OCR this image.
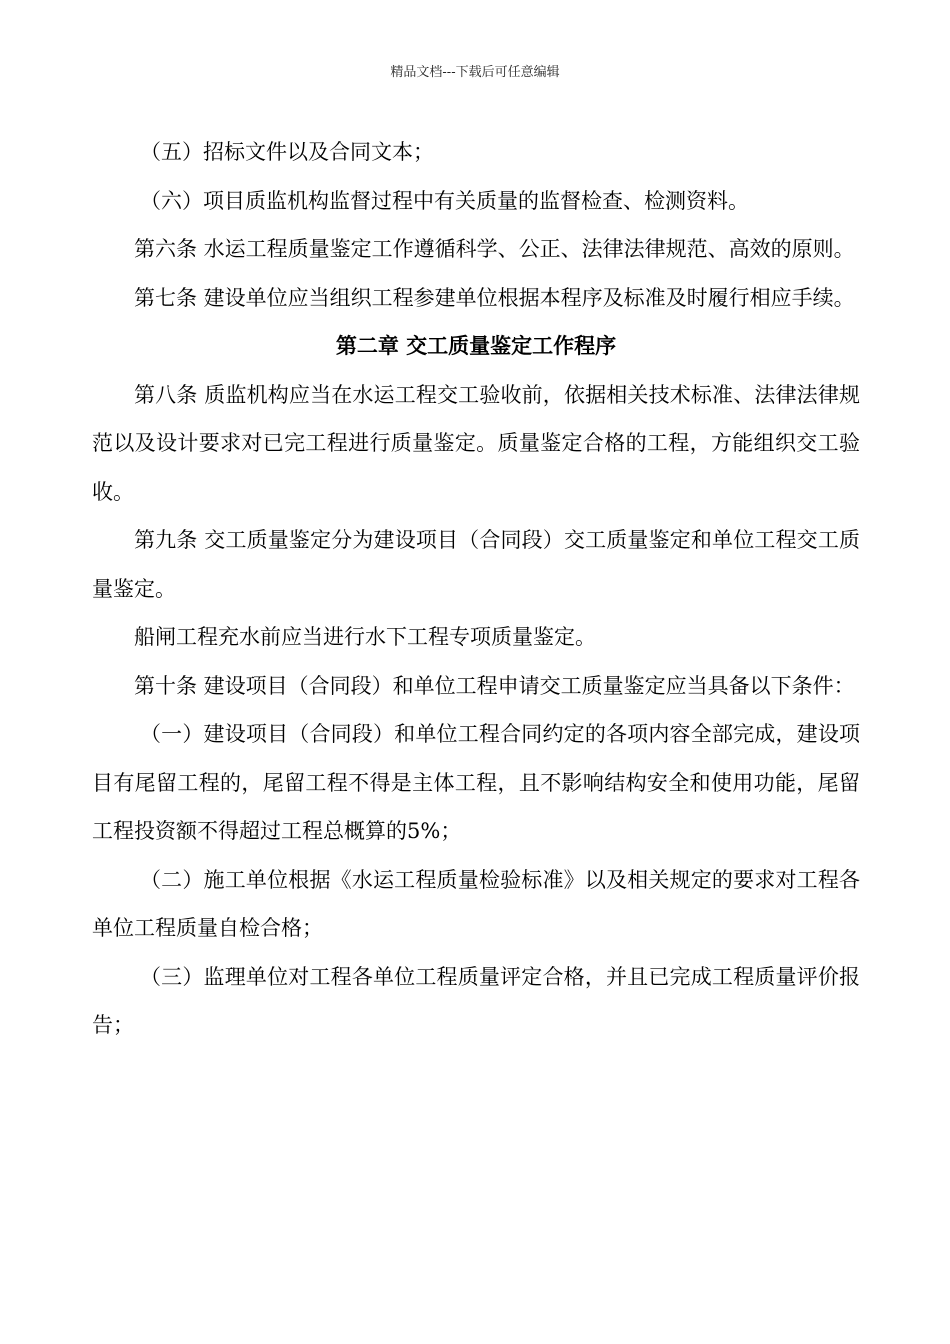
精品文档---下载后可任意编辑

（五）招标文件以及合同文本；

（六）项目质监机构监督过程中有关质量的监督检查、检测资料。

第六条 水运工程质量鉴定工作遵循科学、公正、法律法律规范、高效的原则。

第七条 建设单位应当组织工程参建单位根据本程序及标准及时履行相应手续。

第二章 交工质量鉴定工作程序

第八条 质监机构应当在水运工程交工验收前，依据相关技术标准、法律法律规范以及设计要求对已完工程进行质量鉴定。质量鉴定合格的工程，方能组织交工验收。

第九条 交工质量鉴定分为建设项目（合同段）交工质量鉴定和单位工程交工质量鉴定。

船闸工程充水前应当进行水下工程专项质量鉴定。

第十条 建设项目（合同段）和单位工程申请交工质量鉴定应当具备以下条件：

（一）建设项目（合同段）和单位工程合同约定的各项内容全部完成，建设项目有尾留工程的，尾留工程不得是主体工程，且不影响结构安全和使用功能，尾留工程投资额不得超过工程总概算的5%；

（二）施工单位根据《水运工程质量检验标准》以及相关规定的要求对工程各单位工程质量自检合格；

（三）监理单位对工程各单位工程质量评定合格，并且已完成工程质量评价报告；
